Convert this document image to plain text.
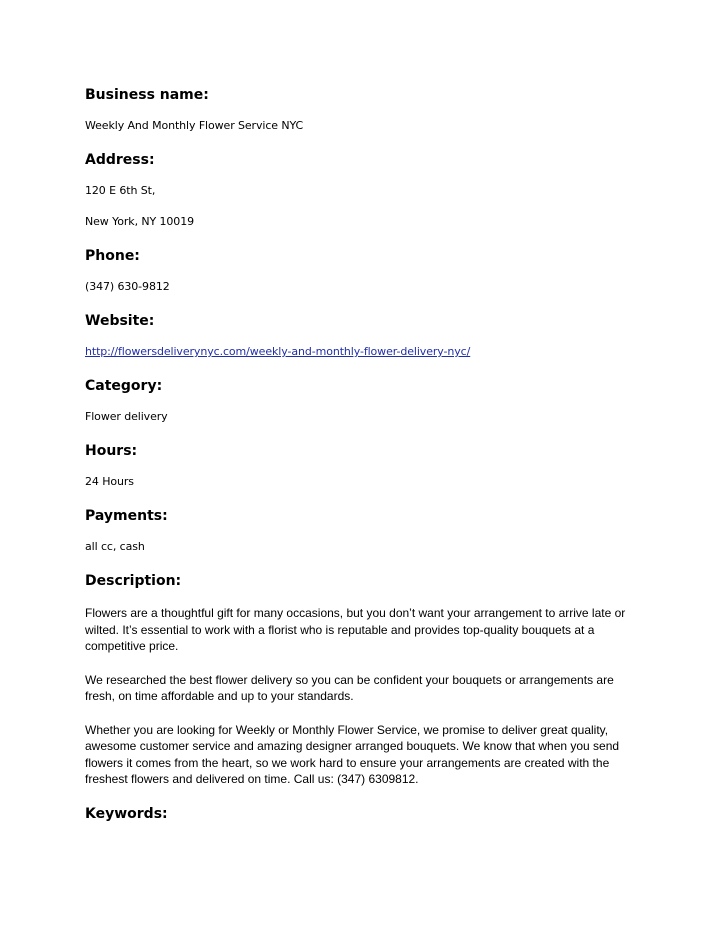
Business name:
Weekly And Monthly Flower Service NYC
Address:
120 E 6th St,
New York, NY 10019
Phone:
(347) 630-9812
Website:
http://flowersdeliverynyc.com/weekly-and-monthly-flower-delivery-nyc/
Category:
Flower delivery
Hours:
24 Hours
Payments:
all cc, cash
Description:
Flowers are a thoughtful gift for many occasions, but you don’t want your arrangement to arrive late or wilted. It’s essential to work with a florist who is reputable and provides top-quality bouquets at a competitive price.
We researched the best flower delivery so you can be confident your bouquets or arrangements are fresh, on time affordable and up to your standards.
Whether you are looking for Weekly or Monthly Flower Service, we promise to deliver great quality, awesome customer service and amazing designer arranged bouquets. We know that when you send flowers it comes from the heart, so we work hard to ensure your arrangements are created with the freshest flowers and delivered on time. Call us: (347) 6309812.
Keywords:
